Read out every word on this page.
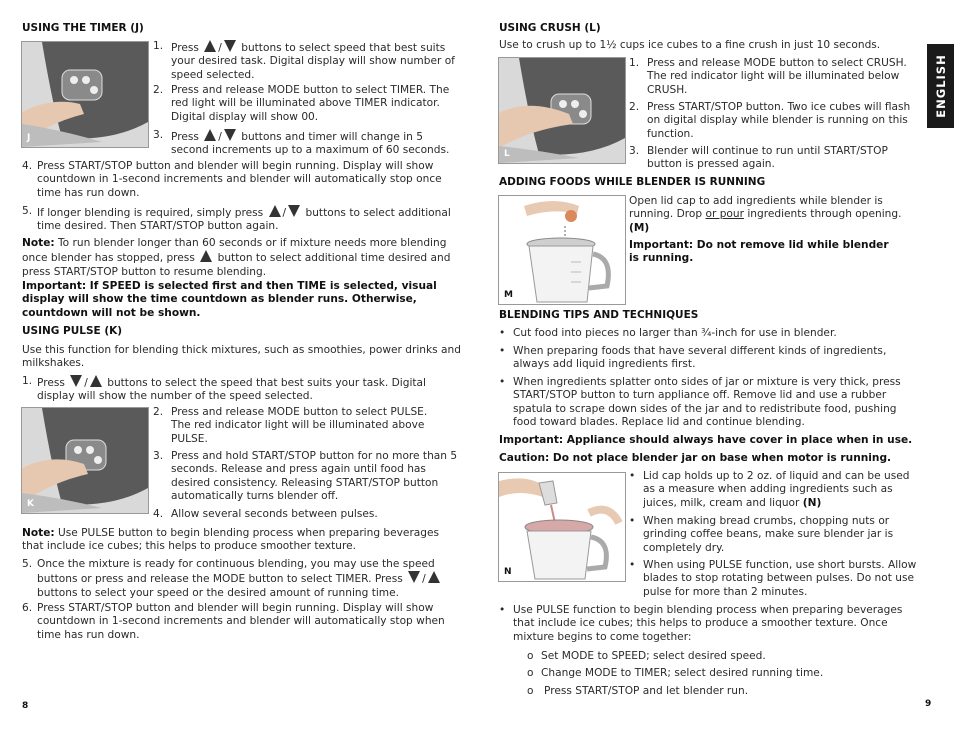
USING THE TIMER (J)
J
1. Press / buttons to select speed that best suits your desired task. Digital display will show number of speed selected.
2. Press and release MODE button to select TIMER. The red light will be illuminated above TIMER indicator. Digital display will show 00.
3. Press / buttons and timer will change in 5 second increments up to a maximum of 60 seconds.
4. Press START/STOP button and blender will begin running. Display will show countdown in 1-second increments and blender will automatically stop once time has run down.
5. If longer blending is required, simply press / buttons to select additional time desired. Then START/STOP button again.
Note: To run blender longer than 60 seconds or if mixture needs more blending once blender has stopped, press button to select additional time desired and press START/STOP button to resume blending.
Important: If SPEED is selected first and then TIME is selected, visual display will show the time countdown as blender runs. Otherwise, countdown will not be shown.
USING PULSE (K)
Use this function for blending thick mixtures, such as smoothies, power drinks and milkshakes.
1. Press / buttons to select the speed that best suits your task. Digital display will show the number of the speed selected.
K
2. Press and release MODE button to select PULSE. The red indicator light will be illuminated above PULSE.
3. Press and hold START/STOP button for no more than 5 seconds. Release and press again until food has desired consistency. Releasing START/STOP button automatically turns blender off.
4. Allow several seconds between pulses.
Note: Use PULSE button to begin blending process when preparing beverages that include ice cubes; this helps to produce smoother texture.
5. Once the mixture is ready for continuous blending, you may use the speed buttons or press and release the MODE button to select TIMER. Press / buttons to select your speed or the desired amount of running time.
6. Press START/STOP button and blender will begin running. Display will show countdown in 1-second increments and blender will automatically stop when time has run down.
8
USING CRUSH (L)
Use to crush up to 1½ cups ice cubes to a fine crush in just 10 seconds.
L
1. Press and release MODE button to select CRUSH. The red indicator light will be illuminated below CRUSH.
2. Press START/STOP button. Two ice cubes will flash on digital display while blender is running on this function.
3. Blender will continue to run until START/STOP button is pressed again.
ADDING FOODS WHILE BLENDER IS RUNNING
M
Open lid cap to add ingredients while blender is running. Drop or pour ingredients through opening. (M)
Important: Do not remove lid while blender is running.
BLENDING TIPS AND TECHNIQUES
• Cut food into pieces no larger than ¾-inch for use in blender.
• When preparing foods that have several different kinds of ingredients, always add liquid ingredients first.
• When ingredients splatter onto sides of jar or mixture is very thick, press START/STOP button to turn appliance off. Remove lid and use a rubber spatula to scrape down sides of the jar and to redistribute food, pushing food toward blades. Replace lid and continue blending.
Important: Appliance should always have cover in place when in use.
Caution: Do not place blender jar on base when motor is running.
N
• Lid cap holds up to 2 oz. of liquid and can be used as a measure when adding ingredients such as juices, milk, cream and liquor (N)
• When making bread crumbs, chopping nuts or grinding coffee beans, make sure blender jar is completely dry.
• When using PULSE function, use short bursts. Allow blades to stop rotating between pulses. Do not use pulse for more than 2 minutes.
• Use PULSE function to begin blending process when preparing beverages that include ice cubes; this helps to produce a smoother texture. Once mixture begins to come together:
o Set MODE to SPEED; select desired speed.
o Change MODE to TIMER; select desired running time.
o Press START/STOP and let blender run.
9
ENGLISH
